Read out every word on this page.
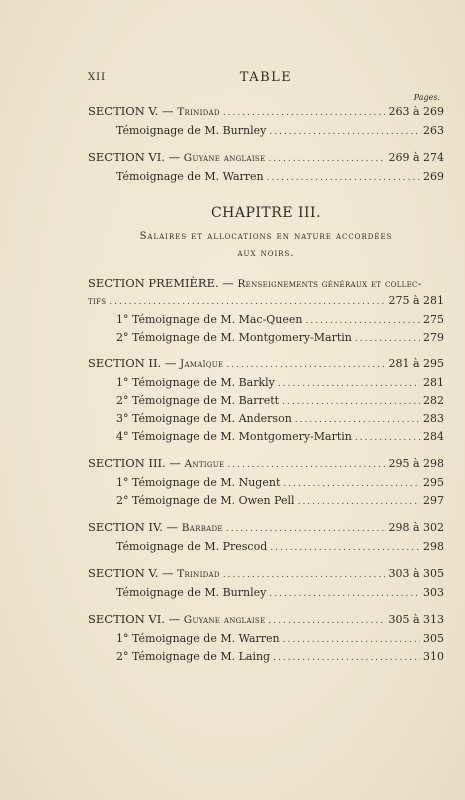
XII	TABLE
Pages.
SECTION V. — Trinidad .....	263 à 269
Témoignage de M. Burnley .....	263
SECTION VI. — Guyane anglaise .....	269 à 274
Témoignage de M. Warren .....	269
CHAPITRE III.
Salaires et allocations en nature accordées
aux noirs.
SECTION PREMIÈRE. — Renseignements généraux et collec-
tifs .....	275 à 281
1° Témoignage de M. Mac-Queen .....	275
2° Témoignage de M. Montgomery-Martin .....	279
SECTION II. — Jamaïque .....	281 à 295
1° Témoignage de M. Barkly .....	281
2° Témoignage de M. Barrett .....	282
3° Témoignage de M. Anderson .....	283
4° Témoignage de M. Montgomery-Martin .....	284
SECTION III. — Antigue .....	295 à 298
1° Témoignage de M. Nugent .....	295
2° Témoignage de M. Owen Pell .....	297
SECTION IV. — Barbade .....	298 à 302
Témoignage de M. Prescod .....	298
SECTION V. — Trinidad .....	303 à 305
Témoignage de M. Burnley .....	303
SECTION VI. — Guyane anglaise .....	305 à 313
1° Témoignage de M. Warren .....	305
2° Témoignage de M. Laing .....	310
